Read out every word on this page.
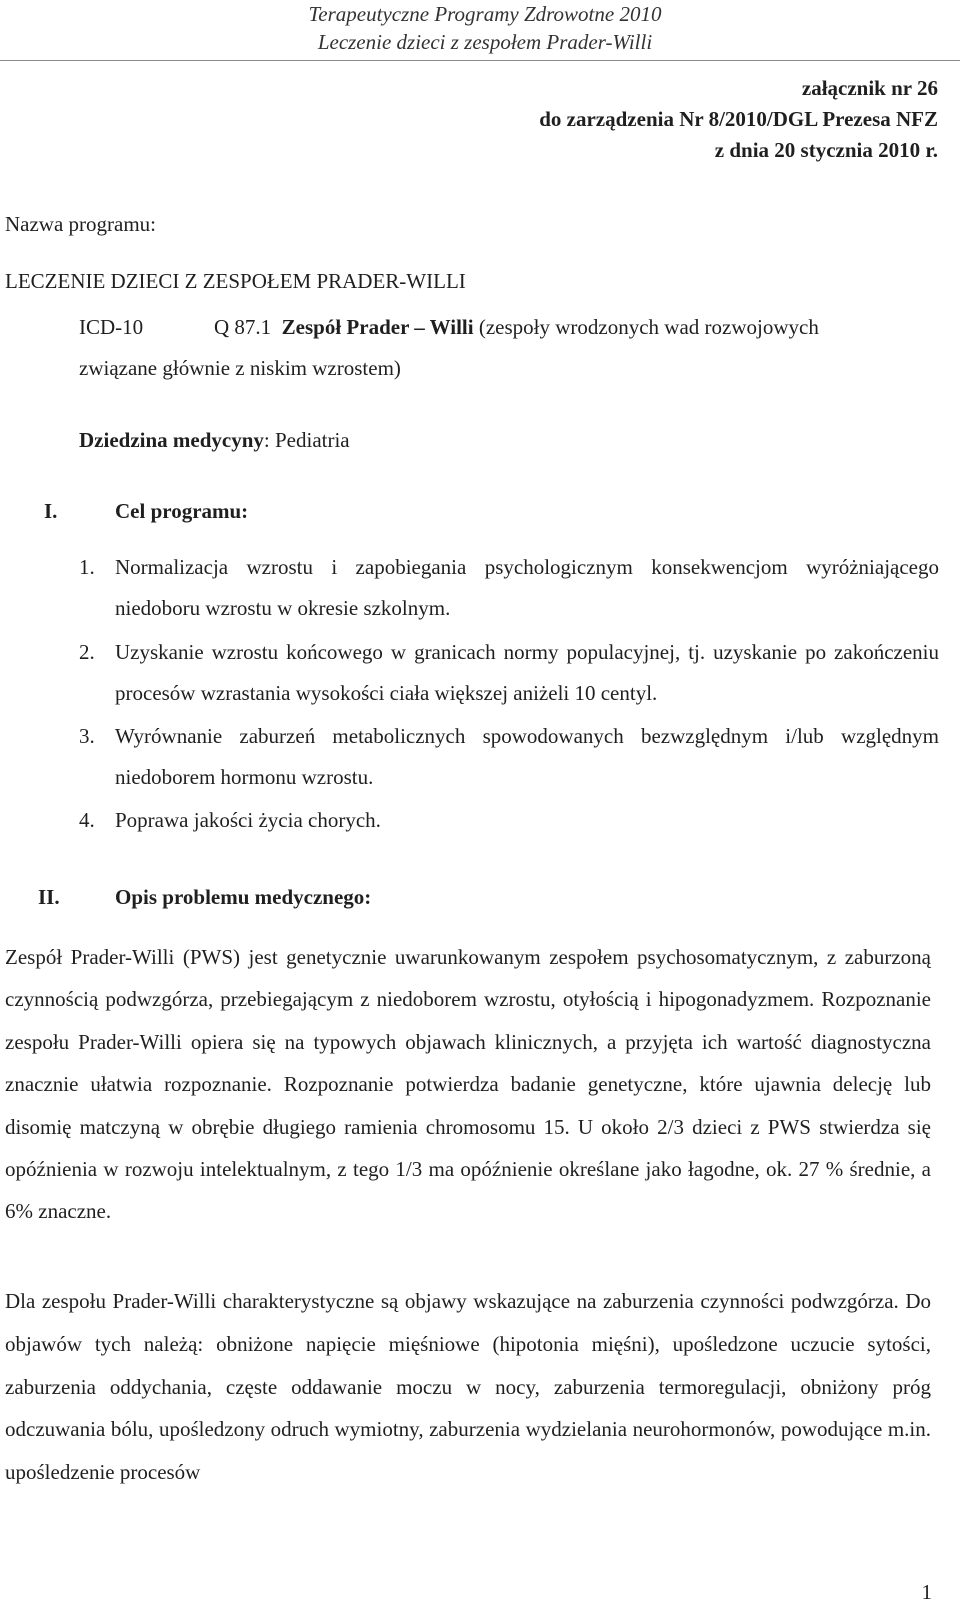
Terapeutyczne Programy Zdrowotne 2010
Leczenie dzieci z zespołem Prader-Willi
załącznik nr 26
do zarządzenia Nr 8/2010/DGL Prezesa NFZ
z dnia 20 stycznia 2010 r.
Nazwa programu:
LECZENIE DZIECI Z ZESPOŁEM PRADER-WILLI
ICD-10	Q 87.1 Zespół Prader – Willi (zespoły wrodzonych wad rozwojowych
związane głównie z niskim wzrostem)
Dziedzina medycyny: Pediatria
I.	Cel programu:
1. Normalizacja wzrostu i zapobiegania psychologicznym konsekwencjom wyróżniającego niedoboru wzrostu w okresie szkolnym.
2. Uzyskanie wzrostu końcowego w granicach normy populacyjnej, tj. uzyskanie po zakończeniu procesów wzrastania wysokości ciała większej aniżeli 10 centyl.
3. Wyrównanie zaburzeń metabolicznych spowodowanych bezwzględnym i/lub względnym niedoborem hormonu wzrostu.
4. Poprawa jakości życia chorych.
II.	Opis problemu medycznego:

Zespół Prader-Willi (PWS) jest genetycznie uwarunkowanym zespołem psychosomatycznym, z zaburzoną czynnością podwzgórza, przebiegającym z niedoborem wzrostu, otyłością i hipogonadyzmem. Rozpoznanie zespołu Prader-Willi opiera się na typowych objawach klinicznych, a przyjęta ich wartość diagnostyczna znacznie ułatwia rozpoznanie. Rozpoznanie potwierdza badanie genetyczne, które ujawnia delecję lub disomię matczyną w obrębie długiego ramienia chromosomu 15. U około 2/3 dzieci z PWS stwierdza się opóźnienia w rozwoju intelektualnym, z tego 1/3 ma opóźnienie określane jako łagodne, ok. 27 % średnie, a 6% znaczne.

Dla zespołu Prader-Willi charakterystyczne są objawy wskazujące na zaburzenia czynności podwzgórza. Do objawów tych należą: obniżone napięcie mięśniowe (hipotonia mięśni), upośledzone uczucie sytości, zaburzenia oddychania, częste oddawanie moczu w nocy, zaburzenia termoregulacji, obniżony próg odczuwania bólu, upośledzony odruch wymiotny, zaburzenia wydzielania neurohormonów, powodujące m.in. upośledzenie procesów

1
